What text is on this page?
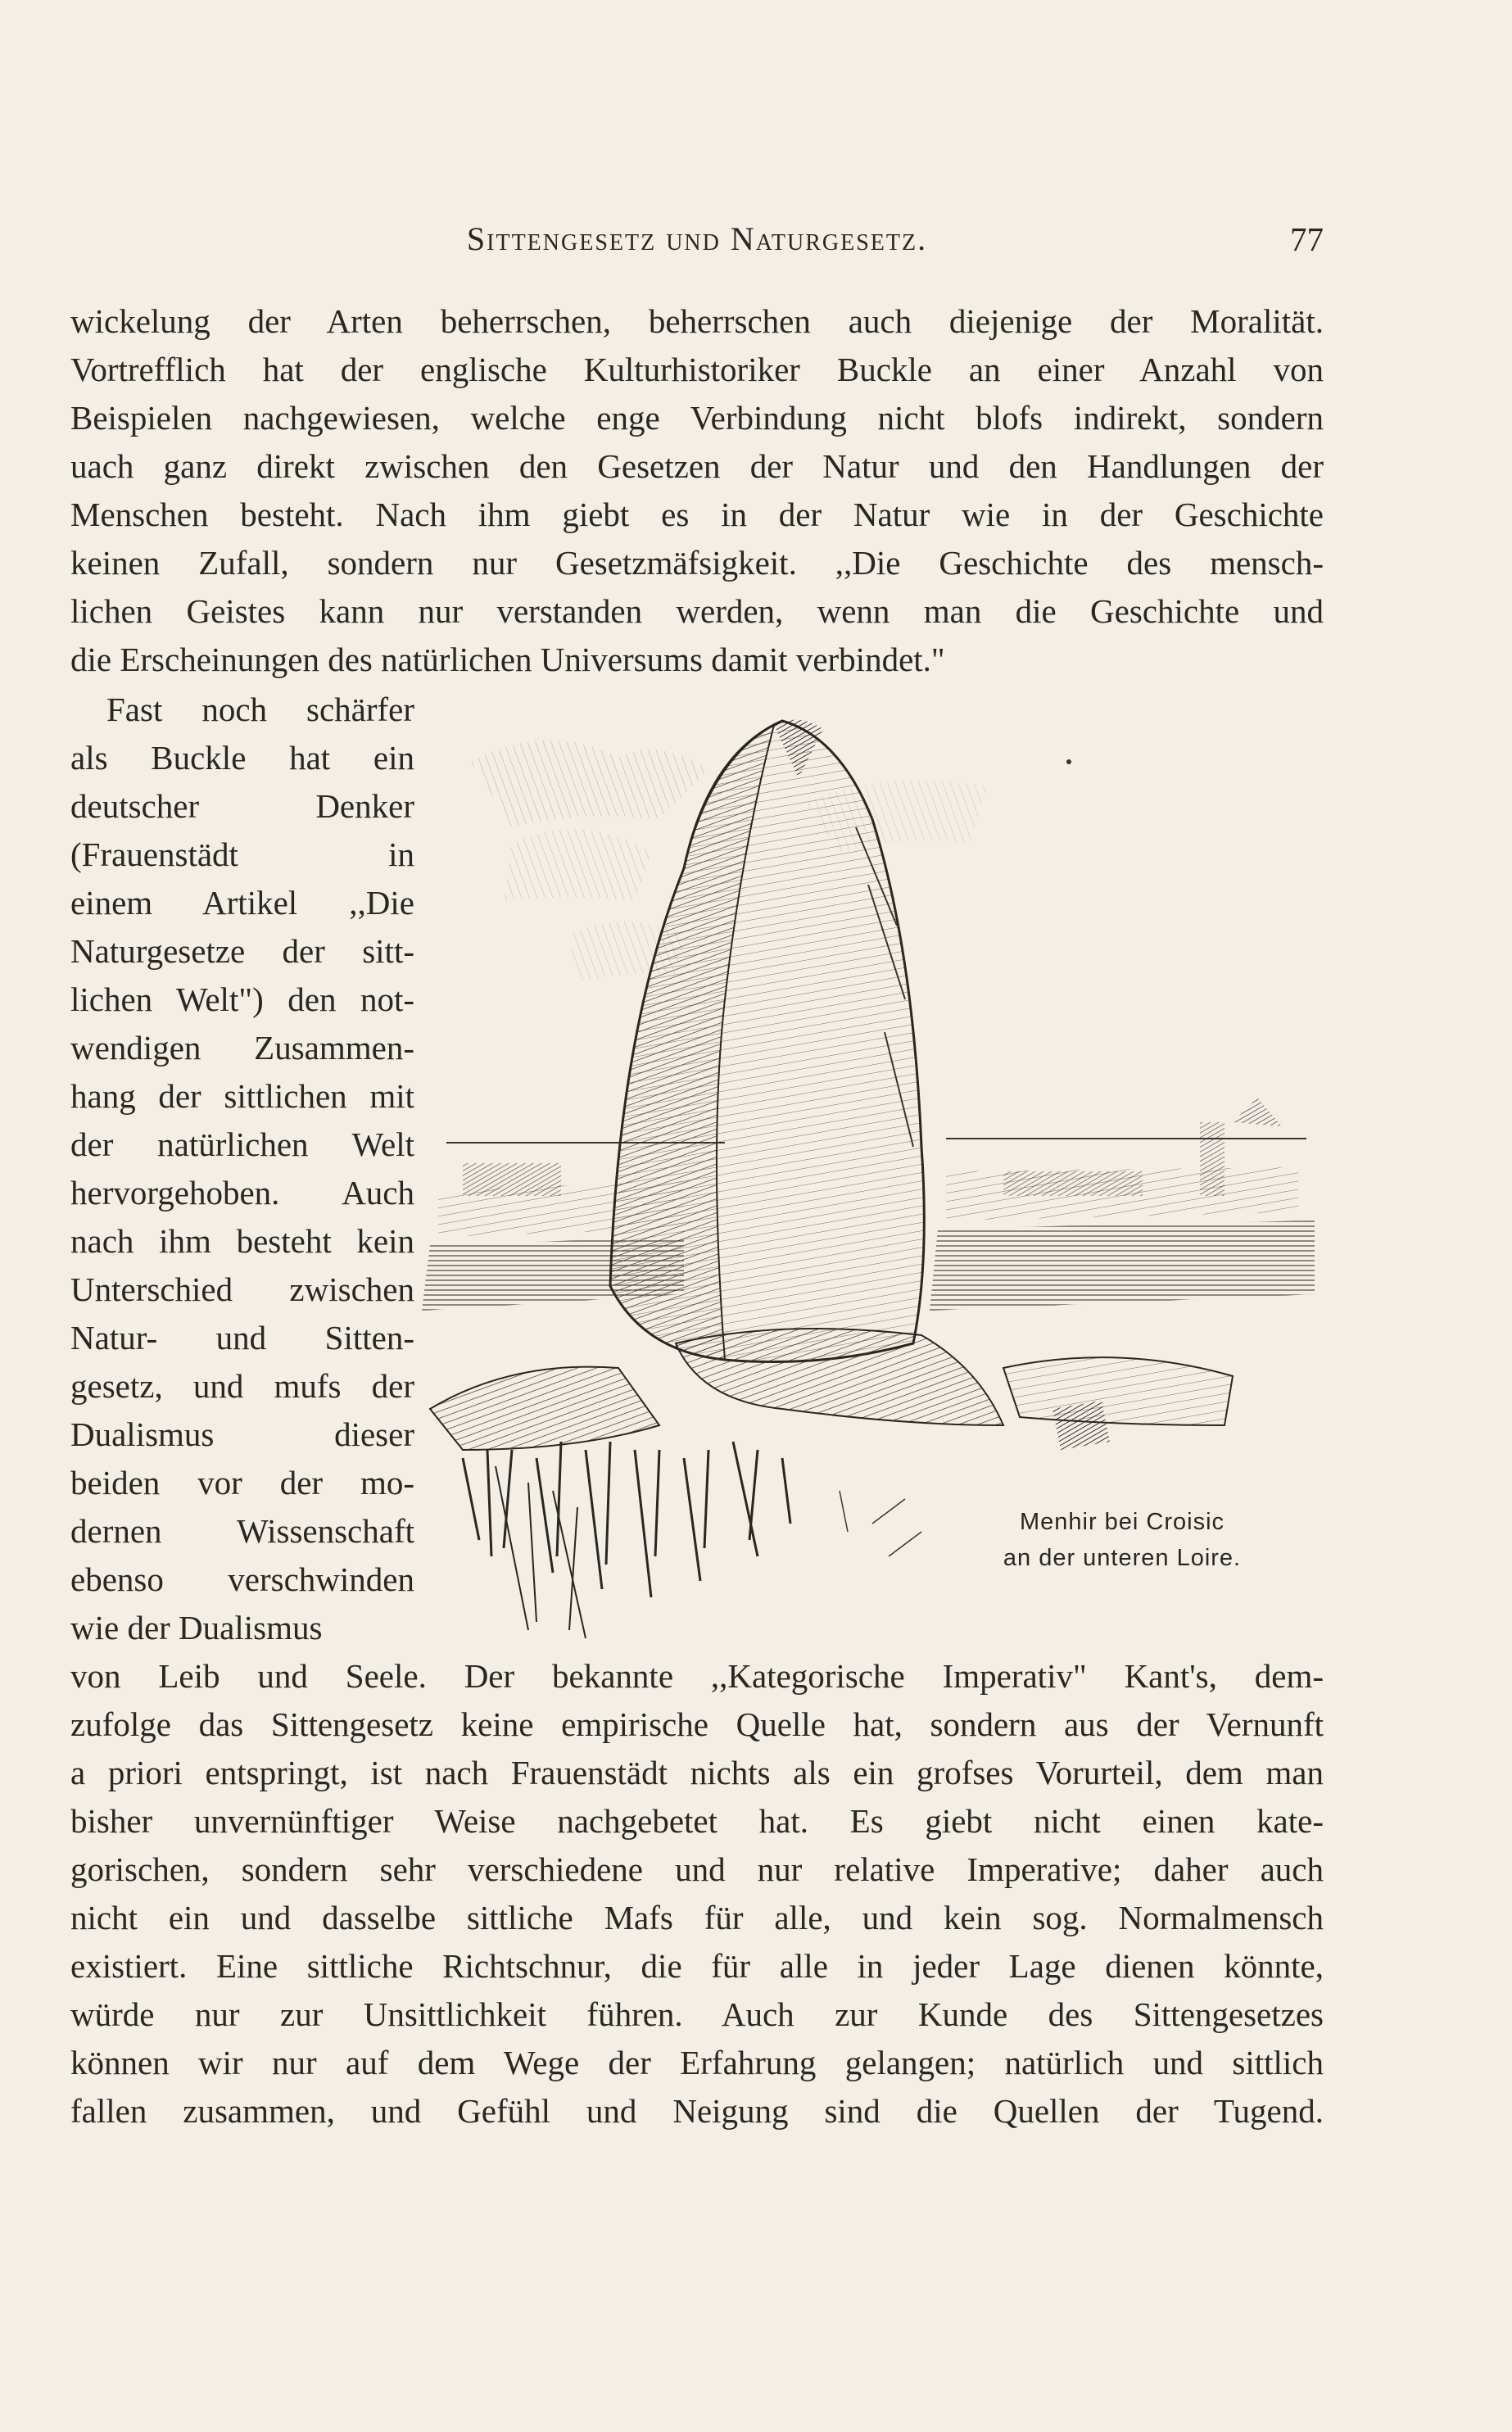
Sittengesetz und Naturgesetz.	77
wickelung der Arten beherrschen, beherrschen auch diejenige der Moralität.
Vortrefflich hat der englische Kulturhistoriker Buckle an einer Anzahl von
Beispielen nachgewiesen, welche enge Verbindung nicht blofs indirekt, sondern
uach ganz direkt zwischen den Gesetzen der Natur und den Handlungen der
Menschen besteht. Nach ihm giebt es in der Natur wie in der Geschichte
keinen Zufall, sondern nur Gesetzmäfsigkeit. ,,Die Geschichte des mensch-
lichen Geistes kann nur verstanden werden, wenn man die Geschichte und
die Erscheinungen des natürlichen Universums damit verbindet."
Fast noch schärfer
als Buckle hat ein
deutscher Denker
(Frauenstädt in
einem Artikel ,,Die
Naturgesetze der sitt-
lichen Welt") den not-
wendigen Zusammen-
hang der sittlichen mit
der natürlichen Welt
hervorgehoben. Auch
nach ihm besteht kein
Unterschied zwischen
Natur- und Sitten-
gesetz, und mufs der
Dualismus dieser
beiden vor der mo-
dernen Wissenschaft
ebenso verschwinden
wie der Dualismus
Menhir bei Croisic
an der unteren Loire.
von Leib und Seele. Der bekannte ,,Kategorische Imperativ" Kant's, dem-
zufolge das Sittengesetz keine empirische Quelle hat, sondern aus der Vernunft
a priori entspringt, ist nach Frauenstädt nichts als ein grofses Vorurteil, dem man
bisher unvernünftiger Weise nachgebetet hat. Es giebt nicht einen kate-
gorischen, sondern sehr verschiedene und nur relative Imperative; daher auch
nicht ein und dasselbe sittliche Mafs für alle, und kein sog. Normalmensch
existiert. Eine sittliche Richtschnur, die für alle in jeder Lage dienen könnte,
würde nur zur Unsittlichkeit führen. Auch zur Kunde des Sittengesetzes
können wir nur auf dem Wege der Erfahrung gelangen; natürlich und sittlich
fallen zusammen, und Gefühl und Neigung sind die Quellen der Tugend.
